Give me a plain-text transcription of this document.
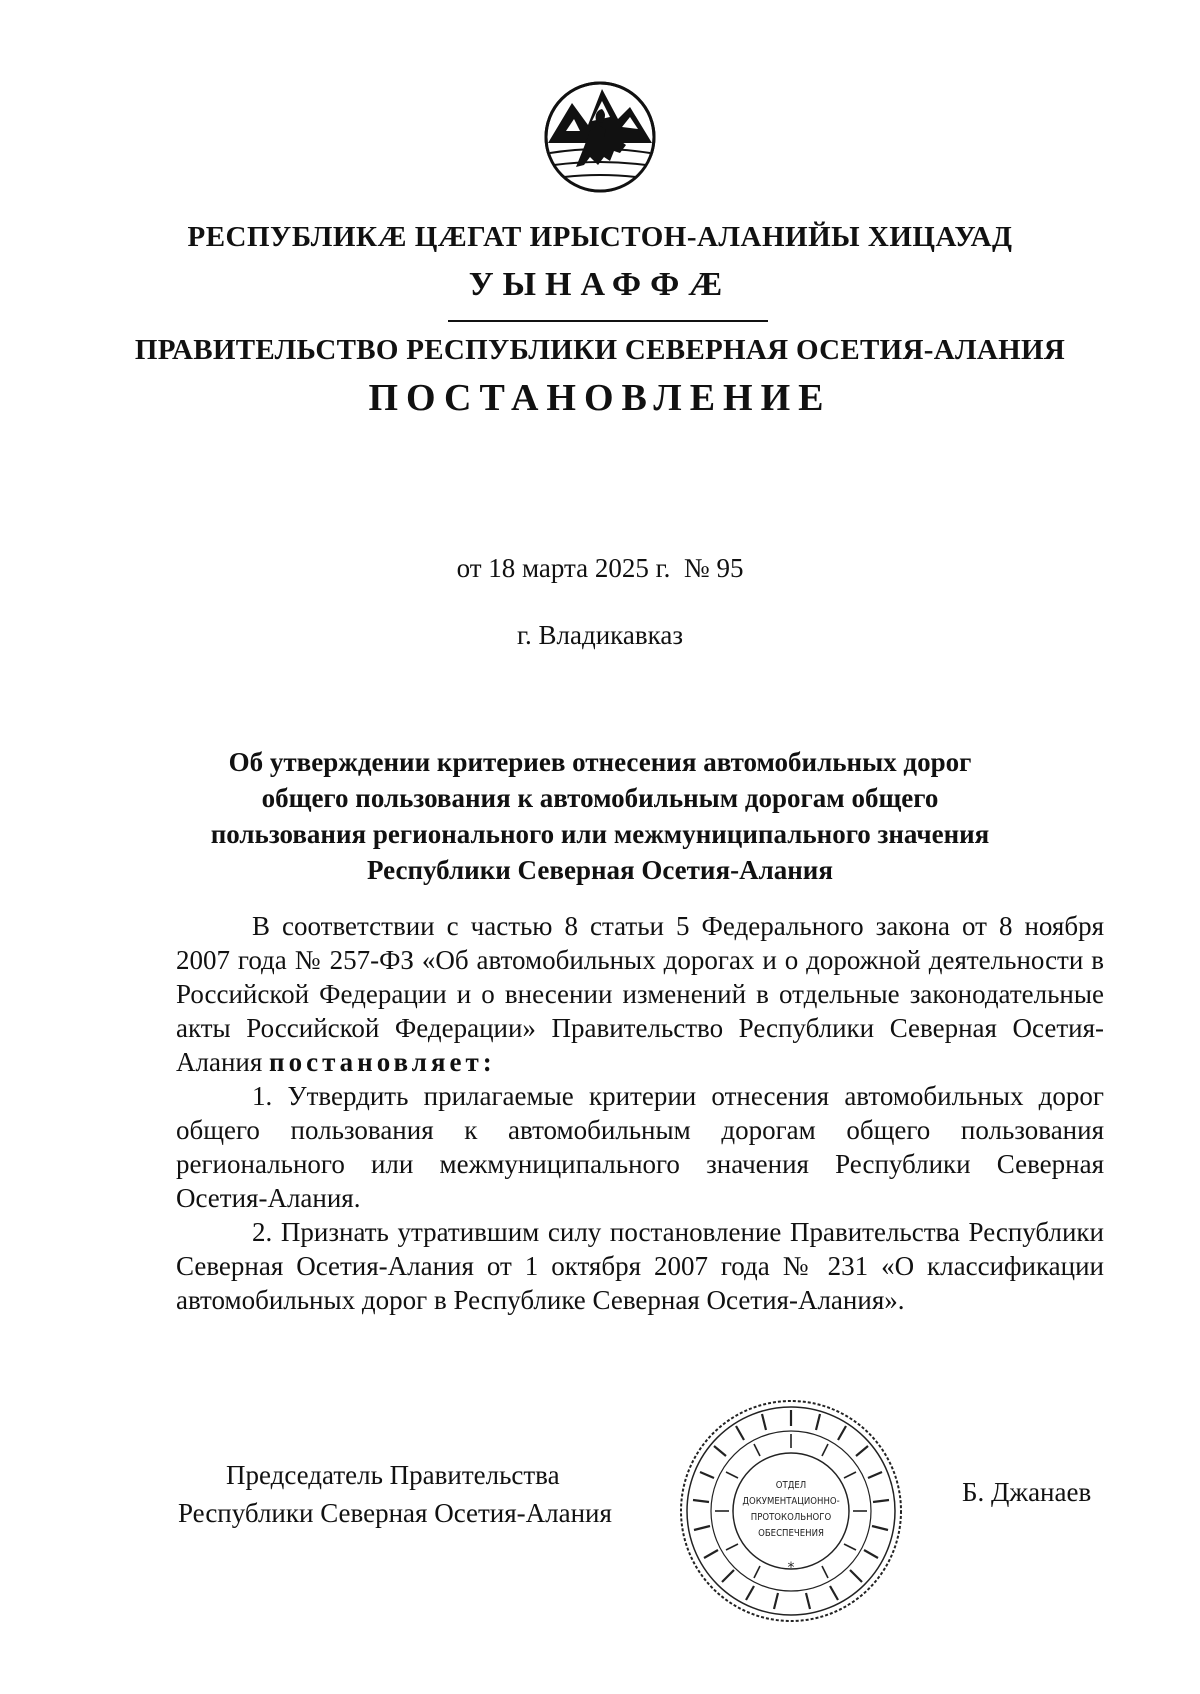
РЕСПУБЛИКÆ ЦÆГАТ ИРЫСТОН-АЛАНИЙЫ ХИЦАУАД
УЫНАФФÆ
ПРАВИТЕЛЬСТВО РЕСПУБЛИКИ СЕВЕРНАЯ ОСЕТИЯ-АЛАНИЯ
ПОСТАНОВЛЕНИЕ
от 18 марта 2025 г.  № 95
г. Владикавказ
Об утверждении критериев отнесения автомобильных дорог общего пользования к автомобильным дорогам общего пользования регионального или межмуниципального значения Республики Северная Осетия-Алания

В соответствии с частью 8 статьи 5 Федерального закона от 8 ноября 2007 года № 257-ФЗ «Об автомобильных дорогах и о дорожной деятельности в Российской Федерации и о внесении изменений в отдельные законодательные акты Российской Федерации» Правительство Республики Северная Осетия-Алания постановляет:

1. Утвердить прилагаемые критерии отнесения автомобильных дорог общего пользования к автомобильным дорогам общего пользования регионального или межмуниципального значения Республики Северная Осетия-Алания.

2. Признать утратившим силу постановление Правительства Республики Северная Осетия-Алания от 1 октября 2007 года № 231 «О классификации автомобильных дорог в Республике Северная Осетия-Алания».

Председатель Правительства
Республики Северная Осетия-Алания
*
ОТДЕЛ
ДОКУМЕНТАЦИОННО-
ПРОТОКОЛЬНОГО
ОБЕСПЕЧЕНИЯ
Б. Джанаев
